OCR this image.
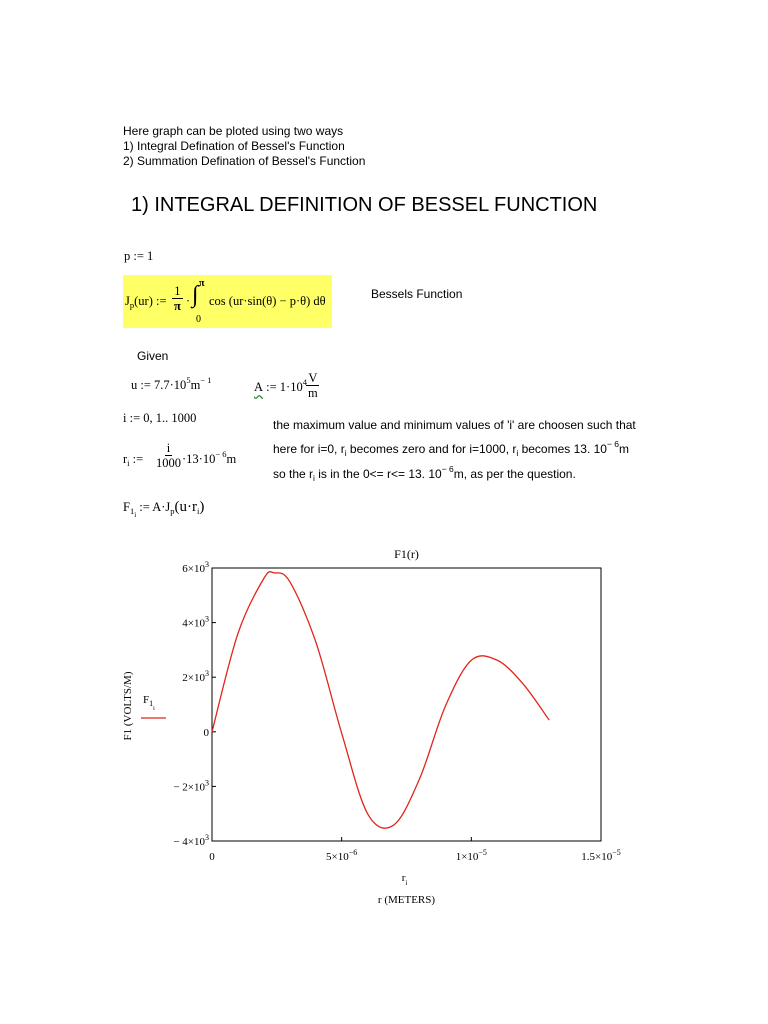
Here graph can be ploted using two ways
1) Integral Defination of Bessel's Function
2) Summation Defination of Bessel's Function
1) INTEGRAL DEFINITION OF BESSEL FUNCTION
p := 1
$J_p(ur)$ := $\frac{1}{\pi}$ · ∫ π
0
cos (ur·sin(θ) − p·θ) dθ	Bessels Function
Given
u := $7.7\cdot 10^5m^{- 1}$	A := $1\cdot 10^4 \frac{V}{m}$
i := 0, 1.. 1000
$r_i$ := $\frac{i}{1000} \cdot 13\cdot 10^{- 6}m$
$F_{1i}$ := $A\cdot J_p(u\cdot r_i)$
the maximum value and minimum values of 'i' are choosen such that
here for i=0, $r_i$ becomes zero and for i=1000, $r_i$ becomes 13. $10^{- 6}m$
so the $r_i$ is in the 0<= r<= 13. $10^{- 6}m$, as per the question.
$6\times 10^3$
$4\times 10^3$
$2\times 10^3$
0
− $2\times 10^3$
− $4\times 10^3$
0	$5\times 10^{-6}$	$1\times 10^{-5}$	$1.5\times 10^{-5}$
F1(r)
$r_i$
r (METERS)
F1 (VOLTS/M) $F_{1i}$
